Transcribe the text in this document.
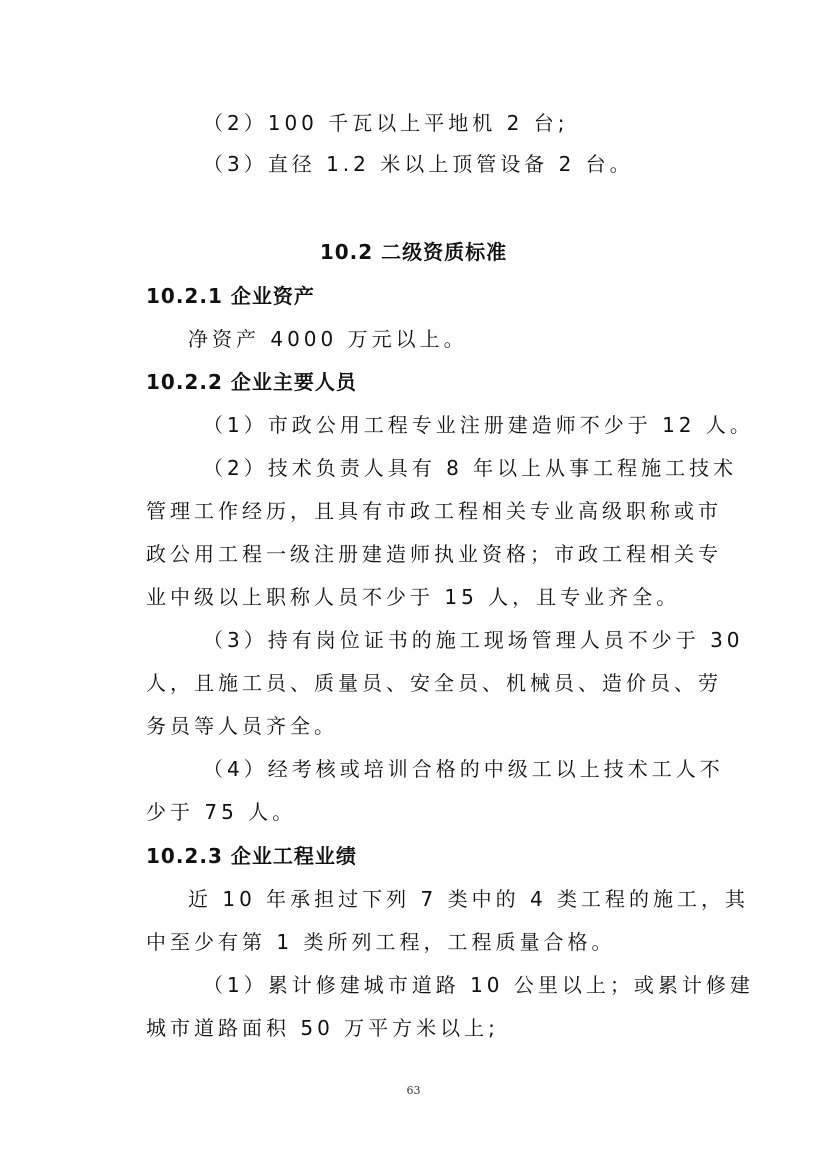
（2）100 千瓦以上平地机 2 台;
（3）直径 1.2 米以上顶管设备 2 台。
10.2 二级资质标准
10.2.1 企业资产
净资产 4000 万元以上。
10.2.2 企业主要人员
（1）市政公用工程专业注册建造师不少于 12 人。
（2）技术负责人具有 8 年以上从事工程施工技术
管理工作经历，且具有市政工程相关专业高级职称或市
政公用工程一级注册建造师执业资格；市政工程相关专
业中级以上职称人员不少于 15 人，且专业齐全。
（3）持有岗位证书的施工现场管理人员不少于 30
人，且施工员、质量员、安全员、机械员、造价员、劳
务员等人员齐全。
（4）经考核或培训合格的中级工以上技术工人不
少于 75 人。
10.2.3 企业工程业绩
近 10 年承担过下列 7 类中的 4 类工程的施工，其
中至少有第 1 类所列工程，工程质量合格。
（1）累计修建城市道路 10 公里以上；或累计修建
城市道路面积 50 万平方米以上;
63
